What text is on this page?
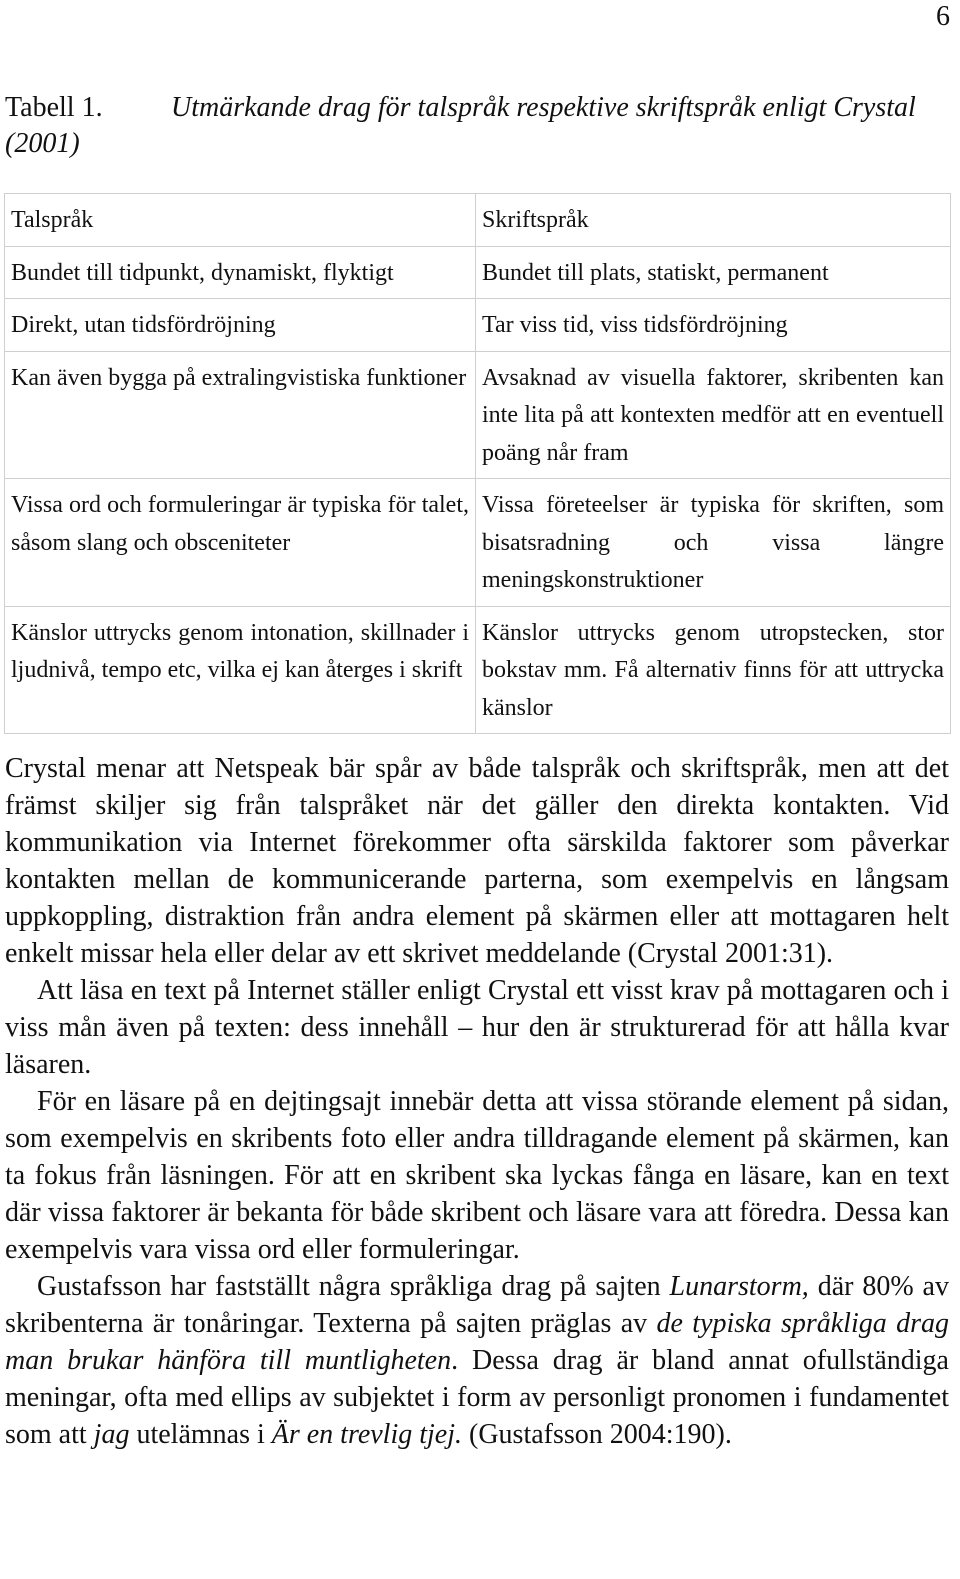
6
Tabell 1. Utmärkande drag för talspråk respektive skriftspråk enligt Crystal (2001)
Talspråk	Skriftspråk
Bundet till tidpunkt, dynamiskt, flyktigt	Bundet till plats, statiskt, permanent
Direkt, utan tidsfördröjning	Tar viss tid, viss tidsfördröjning
Kan även bygga på extralingvistiska funktioner	Avsaknad av visuella faktorer, skribenten kan inte lita på att kontexten medför att en eventuell poäng når fram
Vissa ord och formuleringar är typiska för talet, såsom slang och obsceniteter	Vissa företeelser är typiska för skriften, som bisatsradning och vissa längre meningskonstruktioner
Känslor uttrycks genom intonation, skillnader i ljudnivå, tempo etc, vilka ej kan återges i skrift	Känslor uttrycks genom utropstecken, stor bokstav mm. Få alternativ finns för att uttrycka känslor

Crystal menar att Netspeak bär spår av både talspråk och skriftspråk, men att det främst skiljer sig från talspråket när det gäller den direkta kontakten. Vid kommunikation via Internet förekommer ofta särskilda faktorer som påverkar kontakten mellan de kommunicerande parterna, som exempelvis en långsam uppkoppling, distraktion från andra element på skärmen eller att mottagaren helt enkelt missar hela eller delar av ett skrivet meddelande (Crystal 2001:31).

Att läsa en text på Internet ställer enligt Crystal ett visst krav på mottagaren och i viss mån även på texten: dess innehåll – hur den är strukturerad för att hålla kvar läsaren.

För en läsare på en dejtingsajt innebär detta att vissa störande element på sidan, som exempelvis en skribents foto eller andra tilldragande element på skärmen, kan ta fokus från läsningen. För att en skribent ska lyckas fånga en läsare, kan en text där vissa faktorer är bekanta för både skribent och läsare vara att föredra. Dessa kan exempelvis vara vissa ord eller formuleringar.

Gustafsson har fastställt några språkliga drag på sajten Lunarstorm, där 80% av skribenterna är tonåringar. Texterna på sajten präglas av de typiska språkliga drag man brukar hänföra till muntligheten. Dessa drag är bland annat ofullständiga meningar, ofta med ellips av subjektet i form av personligt pronomen i fundamentet som att jag utelämnas i Är en trevlig tjej. (Gustafsson 2004:190).
